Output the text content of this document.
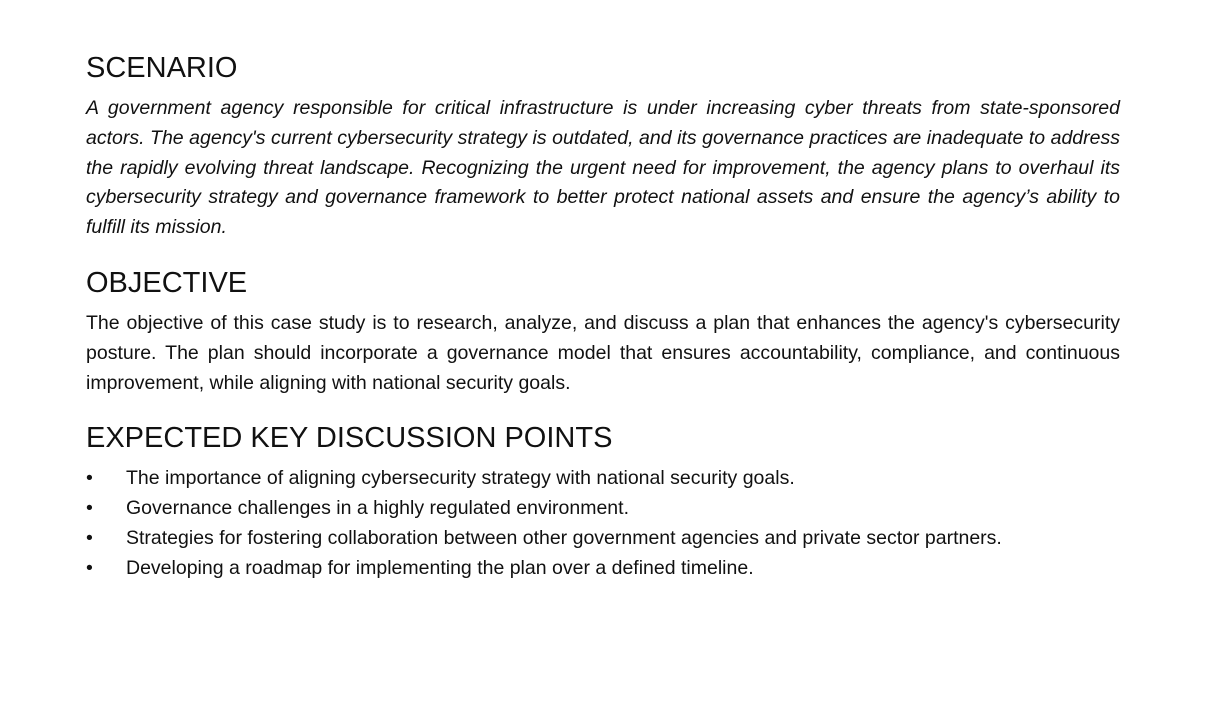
SCENARIO

A government agency responsible for critical infrastructure is under increasing cyber threats from state-sponsored actors. The agency's current cybersecurity strategy is outdated, and its governance practices are inadequate to address the rapidly evolving threat landscape. Recognizing the urgent need for improvement, the agency plans to overhaul its cybersecurity strategy and governance framework to better protect national assets and ensure the agency’s ability to fulfill its mission.

OBJECTIVE

The objective of this case study is to research, analyze, and discuss a plan that enhances the agency's cybersecurity posture. The plan should incorporate a governance model that ensures accountability, compliance, and continuous improvement, while aligning with national security goals.

EXPECTED KEY DISCUSSION POINTS
•	The importance of aligning cybersecurity strategy with national security goals.
•	Governance challenges in a highly regulated environment.
•	Strategies for fostering collaboration between other government agencies and private sector partners.
•	Developing a roadmap for implementing the plan over a defined timeline.
